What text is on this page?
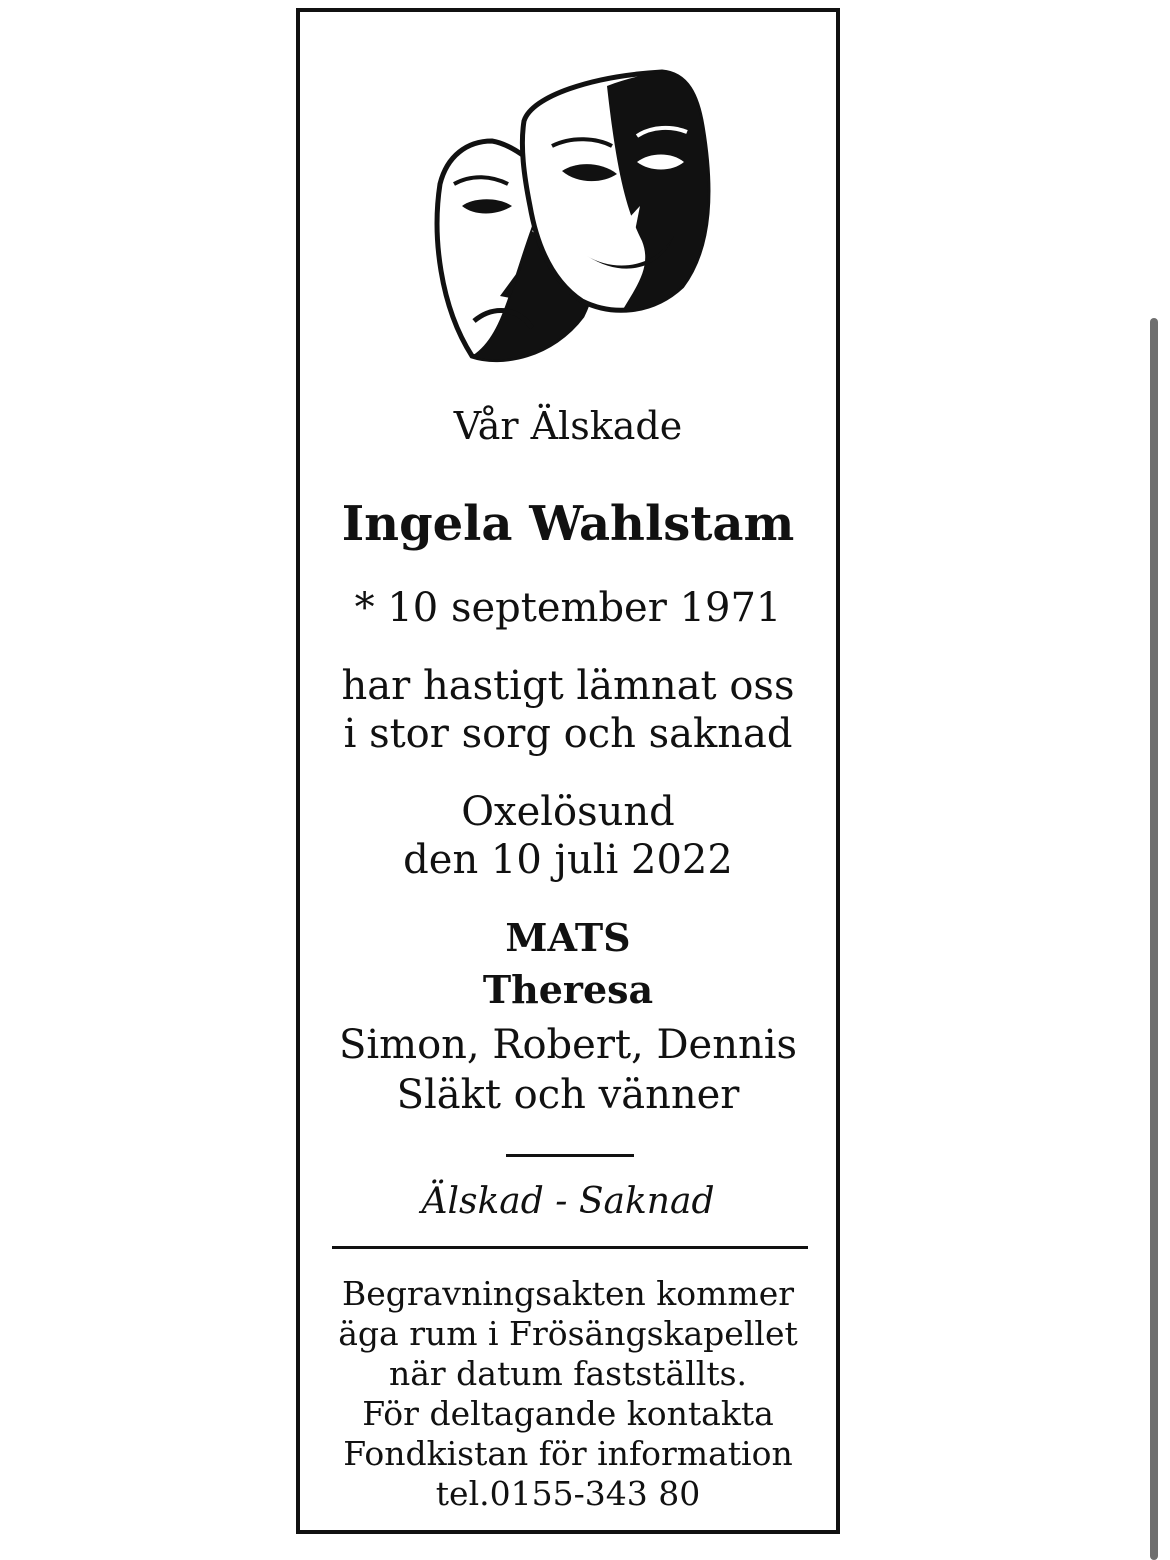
Vår Älskade
Ingela Wahlstam
* 10 september 1971
har hastigt lämnat oss
i stor sorg och saknad
Oxelösund
den 10 juli 2022
MATS
Theresa
Simon, Robert, Dennis
Släkt och vänner
Älskad - Saknad
Begravningsakten kommer
äga rum i Frösängskapellet
när datum fastställts.
För deltagande kontakta
Fondkistan för information
tel.0155-343 80
